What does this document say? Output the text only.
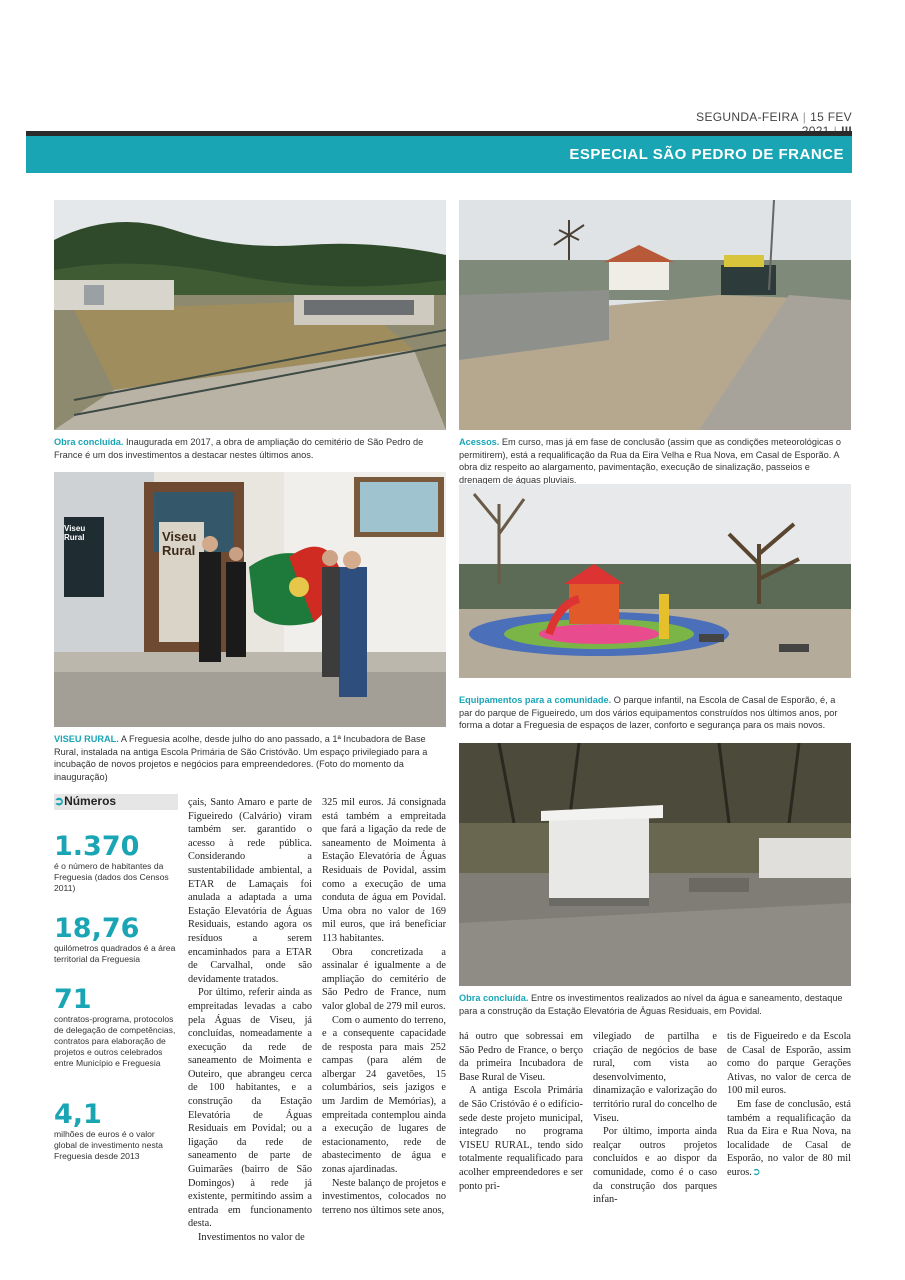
SEGUNDA-FEIRA | 15 FEV
ESPECIAL SÃO PEDRO DE FRANCE
Obra concluída. Inaugurada em 2017, a obra de ampliação do cemitério de São Pedro de France é um dos investimentos a destacar nestes últimos anos.
Acessos. Em curso, mas já em fase de conclusão (assim que as condições meteorológicas o permitirem), está a requalificação da Rua da Eira Velha e Rua Nova, em Casal de Esporão. A obra diz respeito ao alargamento, pavimentação, execução de sinalização, passeios e drenagem de águas pluviais.
Viseu
Rural	Viseu
Rural
VISEU RURAL. A Freguesia acolhe, desde julho do ano passado, a 1ª Incubadora de Base Rural, instalada na antiga Escola Primária de São Cristóvão. Um espaço privilegiado para a incubação de novos projetos e negócios para empreendedores. (Foto do momento da inauguração)
Equipamentos para a comunidade. O parque infantil, na Escola de Casal de Esporão, é, a par do parque de Figueiredo, um dos vários equipamentos construídos nos últimos anos, por forma a dotar a Freguesia de espaços de lazer, conforto e segurança para os mais novos.
Obra concluída. Entre os investimentos realizados ao nível da água e saneamento, destaque para a construção da Estação Elevatória de Águas Residuais, em Povidal.
➲Números
1.370
é o número de habitantes da Freguesia (dados dos Censos 2011)
18,76
quilómetros quadrados é a área territorial da Freguesia
71
contratos-programa, protocolos de delegação de competências, contratos para elaboração de projetos e outros celebrados entre Município e Freguesia
4,1
milhões de euros é o valor global de investimento nesta Freguesia desde 2013

çais, Santo Amaro e parte de Figueiredo (Calvário) viram também ser. garantido o acesso à rede pública. Considerando a sustentabilidade ambiental, a ETAR de Lamaçais foi anulada a adaptada a uma Estação Elevatória de Águas Residuais, estando agora os resíduos a serem encaminhados para a ETAR de Carvalhal, onde são devidamente tratados.

Por último, referir ainda as empreitadas levadas a cabo pela Águas de Viseu, já concluídas, nomeadamente a execução da rede de saneamento de Moimenta e Outeiro, que abrangeu cerca de 100 habitantes, e a construção da Estação Elevatória de Águas Residuais em Povidal; ou a ligação da rede de saneamento de parte de Guimarães (bairro de São Domingos) à rede já existente, permitindo assim a entrada em funcionamento desta.

Investimentos no valor de

325 mil euros. Já consignada está também a empreitada que fará a ligação da rede de saneamento de Moimenta à Estação Elevatória de Águas Residuais de Povidal, assim como a execução de uma conduta de água em Povidal. Uma obra no valor de 169 mil euros, que irá beneficiar 113 habitantes.

Obra concretizada a assinalar é igualmente a de ampliação do cemitério de São Pedro de France, num valor global de 279 mil euros.

Com o aumento do terreno, e a consequente capacidade de resposta para mais 252 campas (para além de albergar 24 gavetões, 15 columbários, seis jazigos e um Jardim de Memórias), a empreitada contemplou ainda a execução de lugares de estacionamento, rede de abastecimento de água e zonas ajardinadas.

Neste balanço de projetos e investimentos, colocados no terreno nos últimos sete anos,

há outro que sobressai em São Pedro de France, o berço da primeira Incubadora de Base Rural de Viseu.

A antiga Escola Primária de São Cristóvão é o edifício-sede deste projeto municipal, integrado no programa VISEU RURAL, tendo sido totalmente requalificado para acolher empreendedores e ser ponto pri-

vilegiado de partilha e criação de negócios de base rural, com vista ao desenvolvimento, dinamização e valorização do território rural do concelho de Viseu.

Por último, importa ainda realçar outros projetos concluídos e ao dispor da comunidade, como é o caso da construção dos parques infan-

tis de Figueiredo e da Escola de Casal de Esporão, assim como do parque Gerações Ativas, no valor de cerca de 100 mil euros.

Em fase de conclusão, está também a requalificação da Rua da Eira e Rua Nova, na localidade de Casal de Esporão, no valor de 80 mil euros.➲
